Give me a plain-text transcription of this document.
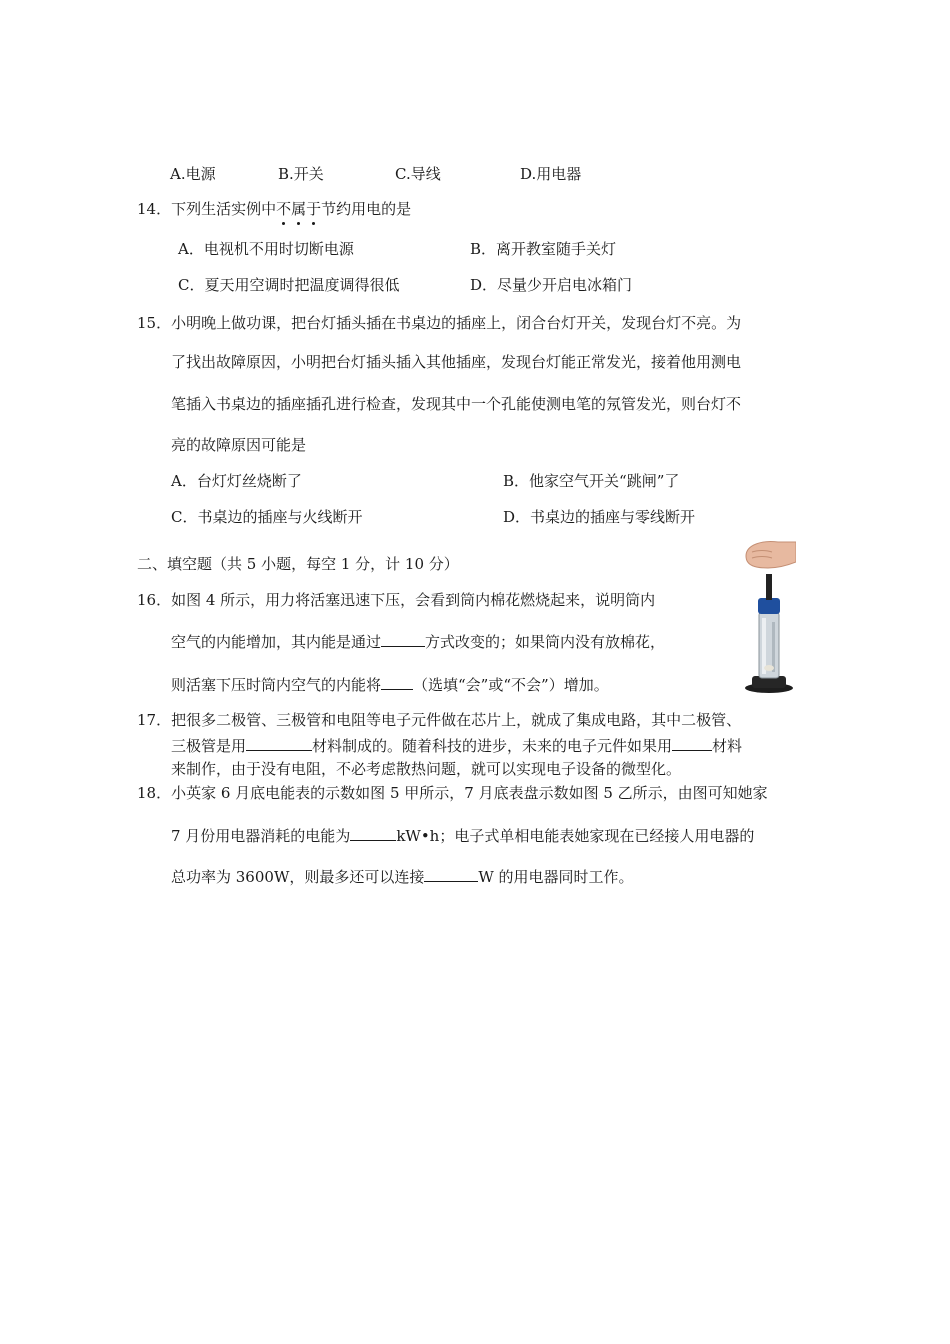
A.电源	B.开关	C.导线	D.用电器
14．下列生活实例中不属于节约用电的是
A．电视机不用时切断电源	B．离开教室随手关灯
C．夏天用空调时把温度调得很低	D．尽量少开启电冰箱门
15．小明晚上做功课，把台灯插头插在书桌边的插座上，闭合台灯开关，发现台灯不亮。为
了找出故障原因，小明把台灯插头插入其他插座，发现台灯能正常发光，接着他用测电
笔插入书桌边的插座插孔进行检查，发现其中一个孔能使测电笔的氖管发光，则台灯不
亮的故障原因可能是
A．台灯灯丝烧断了	B．他家空气开关“跳闸”了
C．书桌边的插座与火线断开	D．书桌边的插座与零线断开
二、填空题（共 5 小题，每空 1 分，计 10 分）
16．如图 4 所示，用力将活塞迅速下压，会看到筒内棉花燃烧起来，说明筒内
空气的内能增加，其内能是通过	方式改变的；如果筒内没有放棉花，
则活塞下压时筒内空气的内能将 （选填“会”或“不会”）增加。
17．把很多二极管、三极管和电阻等电子元件做在芯片上，就成了集成电路，其中二极管、
三极管是用	材料制成的。随着科技的进步，未来的电子元件如果用	材料
来制作，由于没有电阻，不必考虑散热问题，就可以实现电子设备的微型化。
18．小英家 6 月底电能表的示数如图 5 甲所示，7 月底表盘示数如图 5 乙所示，由图可知她家
7 月份用电器消耗的电能为	kW•h；电子式单相电能表她家现在已经接人用电器的
总功率为 3600W，则最多还可以连接	W 的用电器同时工作。
